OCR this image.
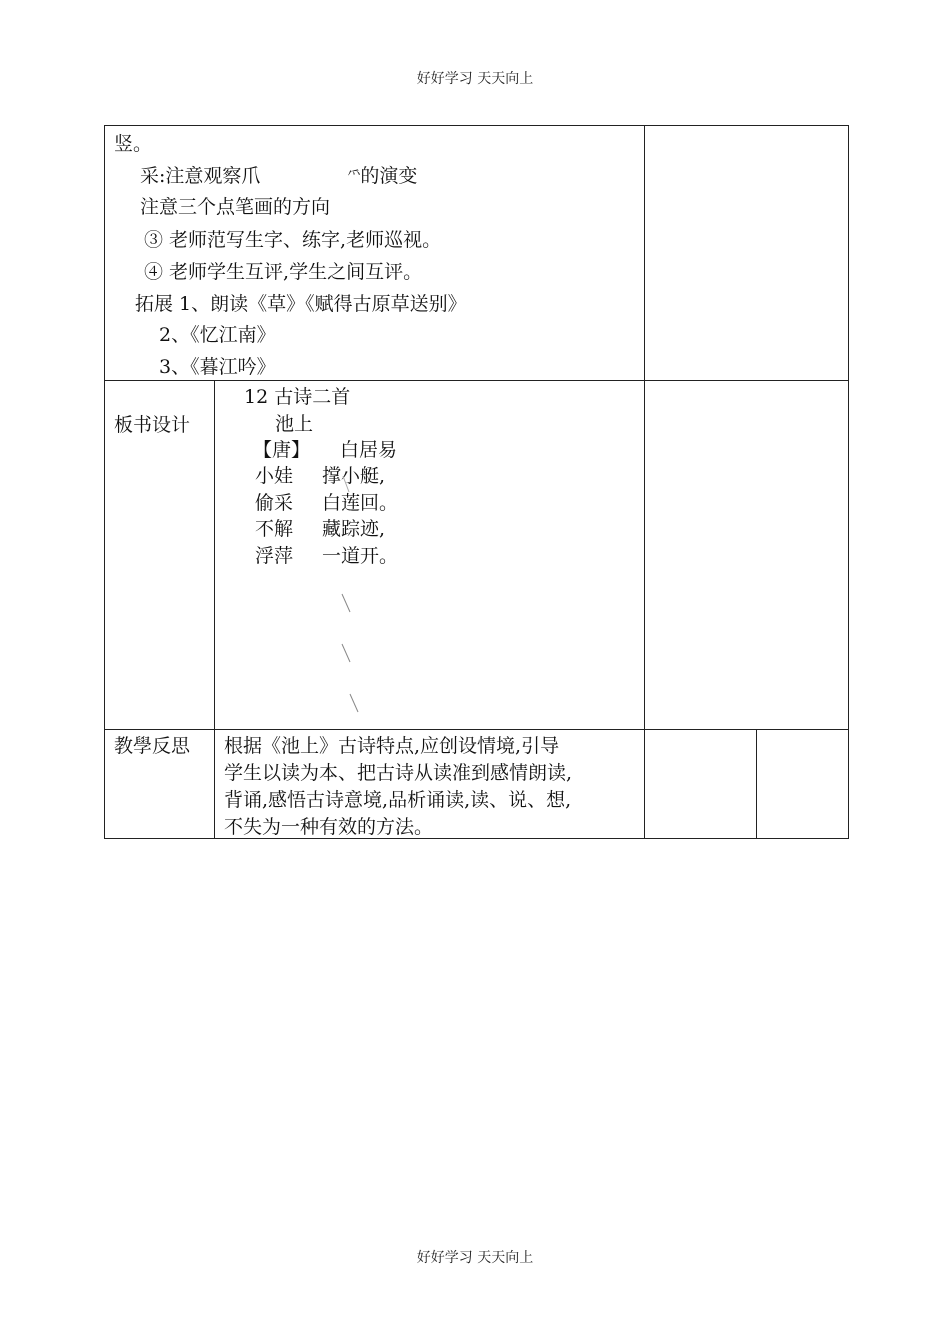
好好学习 天天向上
竖。
采:注意观察爪	⺤的演变
注意三个点笔画的方向
③ 老师范写生字、练字,老师巡视。
④ 老师学生互评,学生之间互评。
拓展 1、朗读《草》《赋得古原草送别》
2、《忆江南》
3、《暮江吟》
板书设计
12 古诗二首
池上
【唐】 白居易
小娃 撑小艇,
偷采 白莲回。
不解 藏踪迹,
浮萍 一道开。
教學反思 根据《池上》古诗特点,应创设情境,引导
学生以读为本、把古诗从读准到感情朗读,
背诵,感悟古诗意境,品析诵读,读、说、想,
不失为一种有效的方法。
好好学习 天天向上
